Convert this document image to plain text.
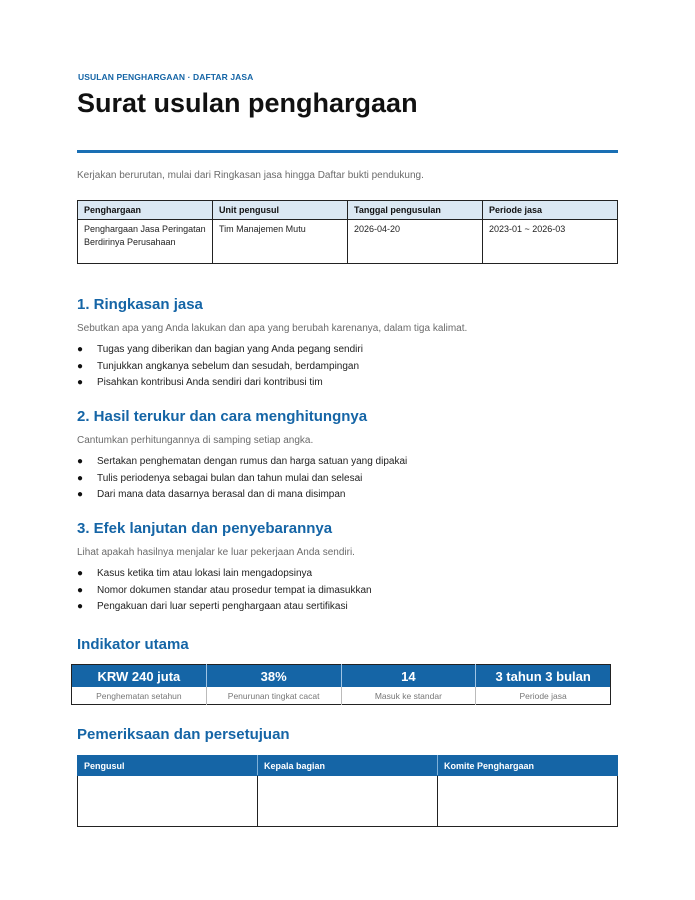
USULAN PENGHARGAAN · DAFTAR JASA
Surat usulan penghargaan
Kerjakan berurutan, mulai dari Ringkasan jasa hingga Daftar bukti pendukung.
Penghargaan	Unit pengusul	Tanggal pengusulan	Periode jasa
Penghargaan Jasa Peringatan Berdirinya Perusahaan	Tim Manajemen Mutu	2026-04-20	2023-01 ~ 2026-03
1. Ringkasan jasa

Sebutkan apa yang Anda lakukan dan apa yang berubah karenanya, dalam tiga kalimat.

● Tugas yang diberikan dan bagian yang Anda pegang sendiri
● Tunjukkan angkanya sebelum dan sesudah, berdampingan
● Pisahkan kontribusi Anda sendiri dari kontribusi tim
2. Hasil terukur dan cara menghitungnya

Cantumkan perhitungannya di samping setiap angka.

● Sertakan penghematan dengan rumus dan harga satuan yang dipakai
● Tulis periodenya sebagai bulan dan tahun mulai dan selesai
● Dari mana data dasarnya berasal dan di mana disimpan
3. Efek lanjutan dan penyebarannya

Lihat apakah hasilnya menjalar ke luar pekerjaan Anda sendiri.

● Kasus ketika tim atau lokasi lain mengadopsinya
● Nomor dokumen standar atau prosedur tempat ia dimasukkan
● Pengakuan dari luar seperti penghargaan atau sertifikasi
Indikator utama
KRW 240 juta	38%	14	3 tahun 3 bulan
Penghematan setahun	Penurunan tingkat cacat	Masuk ke standar	Periode jasa
Pemeriksaan dan persetujuan
Pengusul	Kepala bagian	Komite Penghargaan
